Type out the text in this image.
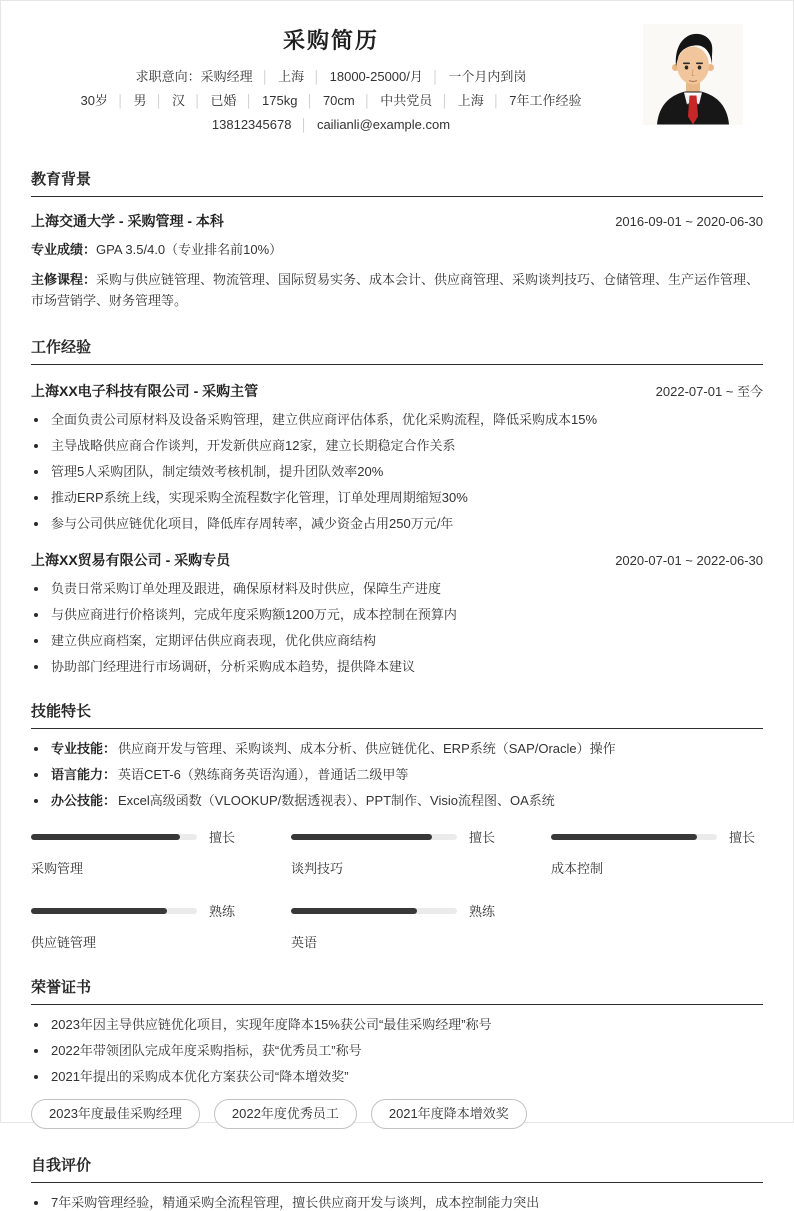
采购简历
求职意向：采购经理 │ 上海 │ 18000-25000/月 │ 一个月内到岗
30岁 │ 男 │ 汉 │ 已婚 │ 175kg │ 70cm │ 中共党员 │ 上海 │ 7年工作经验
13812345678 │ cailianli@example.com
教育背景
上海交通大学 - 采购管理 - 本科	2016-09-01 ~ 2020-06-30
专业成绩：GPA 3.5/4.0（专业排名前10%）
主修课程：采购与供应链管理、物流管理、国际贸易实务、成本会计、供应商管理、采购谈判技巧、仓储管理、生产运作管理、市场营销学、财务管理等。
工作经验
上海XX电子科技有限公司 - 采购主管	2022-07-01 ~ 至今
全面负责公司原材料及设备采购管理，建立供应商评估体系，优化采购流程，降低采购成本15%
主导战略供应商合作谈判，开发新供应商12家，建立长期稳定合作关系
管理5人采购团队，制定绩效考核机制，提升团队效率20%
推动ERP系统上线，实现采购全流程数字化管理，订单处理周期缩短30%
参与公司供应链优化项目，降低库存周转率，减少资金占用250万元/年
上海XX贸易有限公司 - 采购专员	2020-07-01 ~ 2022-06-30
负责日常采购订单处理及跟进，确保原材料及时供应，保障生产进度
与供应商进行价格谈判，完成年度采购额1200万元，成本控制在预算内
建立供应商档案，定期评估供应商表现，优化供应商结构
协助部门经理进行市场调研，分析采购成本趋势，提供降本建议
技能特长
专业技能： 供应商开发与管理、采购谈判、成本分析、供应链优化、ERP系统（SAP/Oracle）操作
语言能力： 英语CET-6（熟练商务英语沟通），普通话二级甲等
办公技能： Excel高级函数（VLOOKUP/数据透视表）、PPT制作、Visio流程图、OA系统
擅长
采购管理
擅长
谈判技巧
擅长
成本控制
熟练
供应链管理
熟练
英语
荣誉证书
2023年因主导供应链优化项目，实现年度降本15%获公司“最佳采购经理”称号
2022年带领团队完成年度采购指标，获“优秀员工”称号
2021年提出的采购成本优化方案获公司“降本增效奖”
2023年度最佳采购经理	2022年度优秀员工	2021年度降本增效奖
自我评价
7年采购管理经验，精通采购全流程管理，擅长供应商开发与谈判，成本控制能力突出
